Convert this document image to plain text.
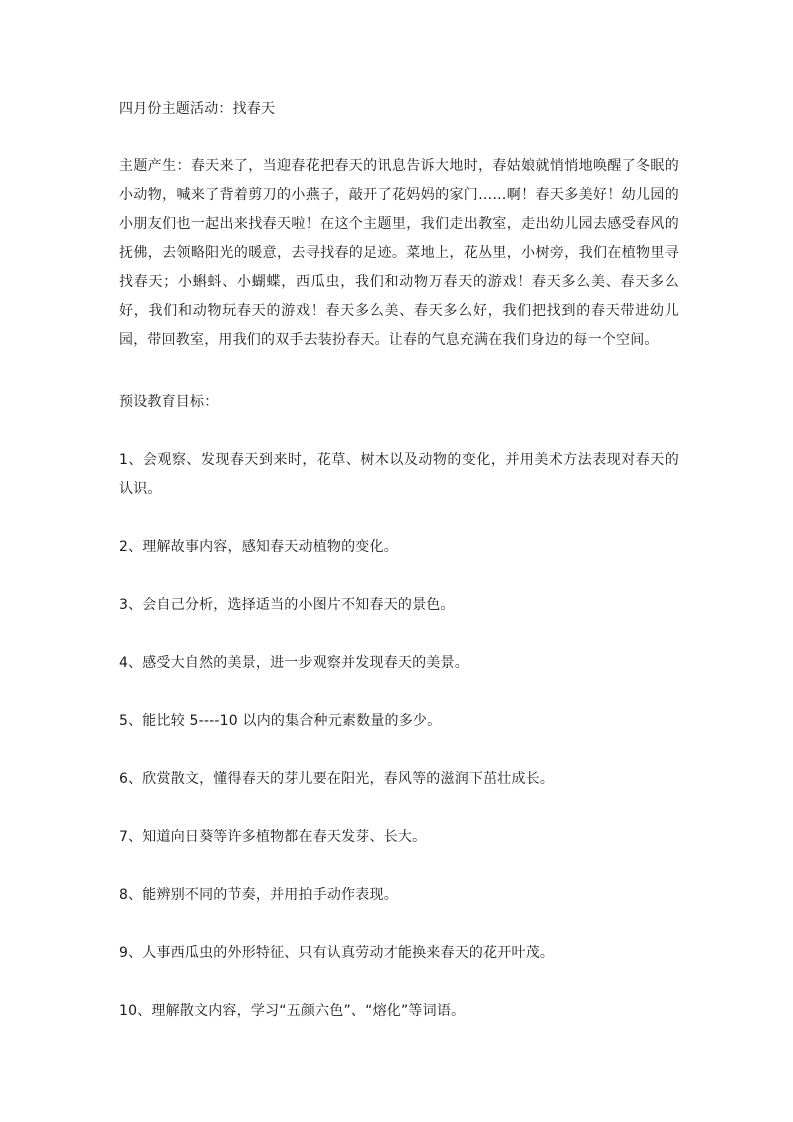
四月份主题活动：找春天
主题产生：春天来了，当迎春花把春天的讯息告诉大地时，春姑娘就悄悄地唤醒了冬眠的小动物，喊来了背着剪刀的小燕子，敲开了花妈妈的家门……啊！春天多美好！幼儿园的小朋友们也一起出来找春天啦！在这个主题里，我们走出教室，走出幼儿园去感受春风的抚佛，去领略阳光的暖意，去寻找春的足迹。菜地上，花丛里，小树旁，我们在植物里寻找春天；小蝌蚪、小蝴蝶，西瓜虫，我们和动物万春天的游戏！春天多么美、春天多么好，我们和动物玩春天的游戏！春天多么美、春天多么好，我们把找到的春天带进幼儿园，带回教室，用我们的双手去装扮春天。让春的气息充满在我们身边的每一个空间。
预设教育目标：
1、会观察、发现春天到来时，花草、树木以及动物的变化，并用美术方法表现对春天的认识。
2、理解故事内容，感知春天动植物的变化。
3、会自己分析，选择适当的小图片不知春天的景色。
4、感受大自然的美景，进一步观察并发现春天的美景。
5、能比较 5----10 以内的集合种元素数量的多少。
6、欣赏散文，懂得春天的芽儿要在阳光，春风等的滋润下茁壮成长。
7、知道向日葵等许多植物都在春天发芽、长大。
8、能辨别不同的节奏，并用拍手动作表现。
9、人事西瓜虫的外形特征、只有认真劳动才能换来春天的花开叶茂。
10、理解散文内容，学习“五颜六色”、“熔化”等词语。
